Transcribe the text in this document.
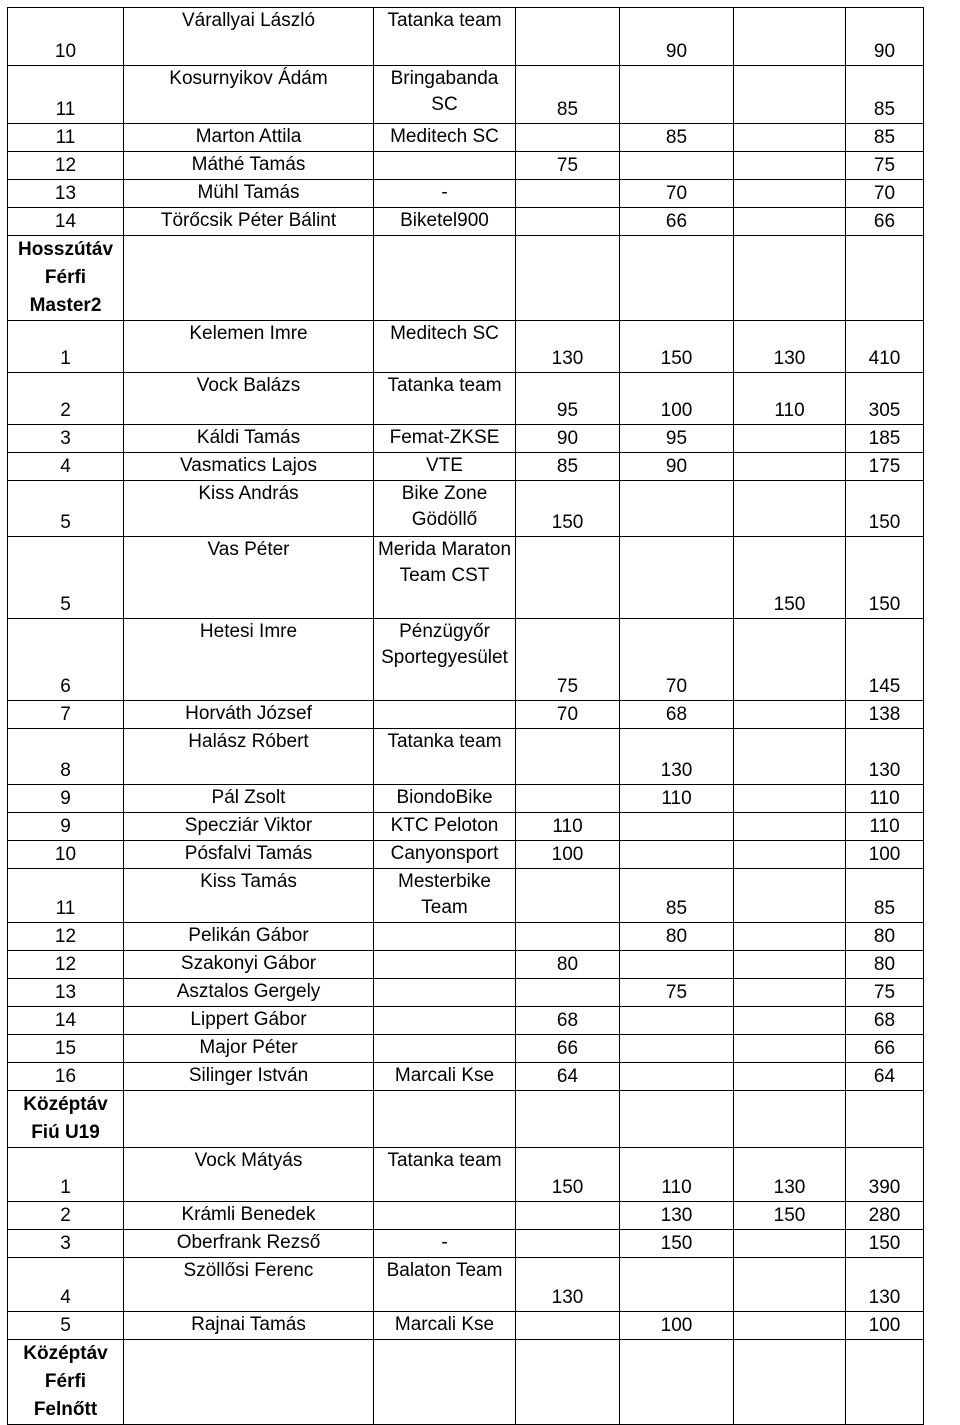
10	Várallyai László	Tatanka team		90		90
11	Kosurnyikov Ádám	Bringabanda SC	85			85
11	Marton Attila	Meditech SC		85		85
12	Máthé Tamás		75			75
13	Mühl Tamás	-		70		70
14	Törőcsik Péter Bálint	Biketel900		66		66
Hosszútáv Férfi Master2						
1	Kelemen Imre	Meditech SC	130	150	130	410
2	Vock Balázs	Tatanka team	95	100	110	305
3	Káldi Tamás	Femat-ZKSE	90	95		185
4	Vasmatics Lajos	VTE	85	90		175
5	Kiss András	Bike Zone Gödöllő	150			150
5	Vas Péter	Merida Maraton Team CST			150	150
6	Hetesi Imre	Pénzügyőr Sportegyesület	75	70		145
7	Horváth József		70	68		138
8	Halász Róbert	Tatanka team		130		130
9	Pál Zsolt	BiondoBike		110		110
9	Specziár Viktor	KTC Peloton	110			110
10	Pósfalvi Tamás	Canyonsport	100			100
11	Kiss Tamás	Mesterbike Team		85		85
12	Pelikán Gábor			80		80
12	Szakonyi Gábor		80			80
13	Asztalos Gergely			75		75
14	Lippert Gábor		68			68
15	Major Péter		66			66
16	Silinger István	Marcali Kse	64			64
Középtáv Fiú U19						
1	Vock Mátyás	Tatanka team	150	110	130	390
2	Krámli Benedek			130	150	280
3	Oberfrank Rezső	-		150		150
4	Szöllősi Ferenc	Balaton Team	130			130
5	Rajnai Tamás	Marcali Kse		100		100
Középtáv Férfi Felnőtt						
